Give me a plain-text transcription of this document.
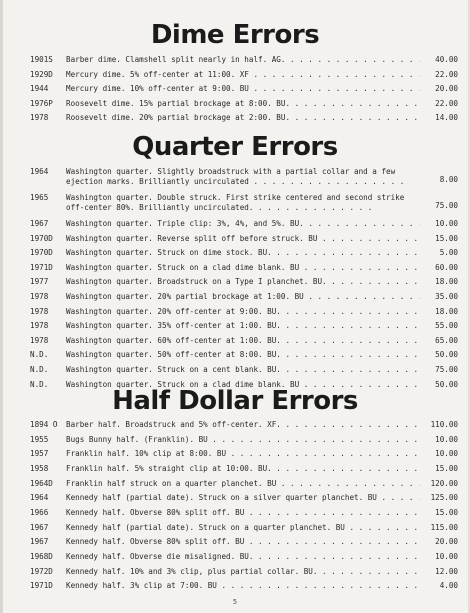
Dime Errors
1901S	Barber dime. Clamshell split nearly in half. AG. . . .	40.00
1929D	Mercury dime. 5% off-center at 11:00. XF . . .	22.00
1944	Mercury dime. 10% off-center at 9:00. BU . . .	20.00
1976P	Roosevelt dime. 15% partial brockage at 8:00. BU. . . .	22.00
1978	Roosevelt dime. 20% partial brockage at 2:00. BU. . . .	14.00
Quarter Errors
1964	Washington quarter. Slightly broadstruck with a partial collar and a few ejection marks. Brilliantly uncirculated . . . . . . . . . . . . . . . . .	8.00
1965	Washington quarter. Double struck. First strike centered and second strike off-center 80%. Brilliantly uncirculated. . . . . . . . . . . . . .	75.00
1967	Washington quarter. Triple clip: 3%, 4%, and 5%. BU. . . .	10.00
1970D	Washington quarter. Reverse split off before struck. BU . . .	15.00
1970D	Washington quarter. Struck on dime stock. BU. . . .	5.00
1971D	Washington quarter. Struck on a clad dime blank. BU . . .	60.00
1977	Washington quarter. Broadstruck on a Type I planchet. BU. . . .	18.00
1978	Washington quarter. 20% partial brockage at 1:00. BU . . .	35.00
1978	Washington quarter. 20% off-center at 9:00. BU. . . .	18.00
1978	Washington quarter. 35% off-center at 1:00. BU. . . .	55.00
1978	Washington quarter. 60% off-center at 1:00. BU. . . .	65.00
N.D.	Washington quarter. 50% off-center at 8:00. BU. . . .	50.00
N.D.	Washington quarter. Struck on a cent blank. BU. . . .	75.00
N.D.	Washington quarter. Struck on a clad dime blank. BU . . .	50.00
Half Dollar Errors
1894 O	Barber half. Broadstruck and 5% off-center. XF. . . .	110.00
1955	Bugs Bunny half. (Franklin). BU . . .	10.00
1957	Franklin half. 10% clip at 8:00. BU . . .	10.00
1958	Franklin half. 5% straight clip at 10:00. BU. . . .	15.00
1964D	Franklin half struck on a quarter planchet. BU . . .	120.00
1964	Kennedy half (partial date). Struck on a silver quarter planchet. BU . . .	125.00
1966	Kennedy half. Obverse 80% split off. BU . . .	15.00
1967	Kennedy half (partial date). Struck on a quarter planchet. BU . . .	115.00
1967	Kennedy half. Obverse 80% split off. BU . . .	20.00
1968D	Kennedy half. Obverse die misaligned. BU. . . .	10.00
1972D	Kennedy half. 10% and 3% clip, plus partial collar. BU. . . .	12.00
1971D	Kennedy half. 3% clip at 7:00. BU . . .	4.00
5
